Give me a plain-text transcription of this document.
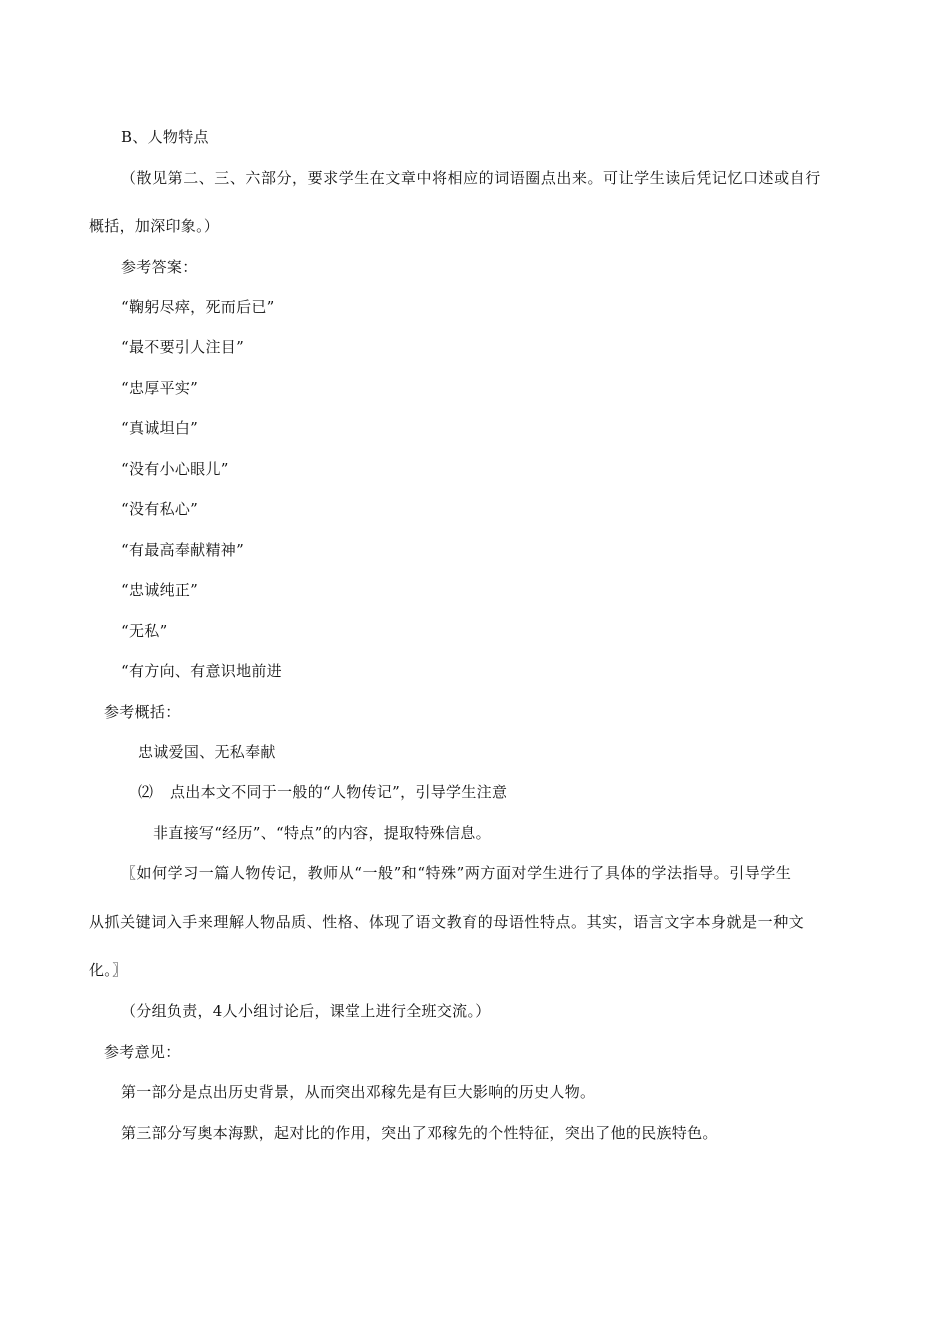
B、人物特点
（散见第二、三、六部分，要求学生在文章中将相应的词语圈点出来。可让学生读后凭记忆口述或自行
概括，加深印象。）
参考答案：
“鞠躬尽瘁，死而后已”
“最不要引人注目”
“忠厚平实”
“真诚坦白”
“没有小心眼儿”
“没有私心”
“有最高奉献精神”
“忠诚纯正”
“无私”
“有方向、有意识地前进
参考概括：
忠诚爱国、无私奉献
⑵ 点出本文不同于一般的“人物传记”，引导学生注意
非直接写“经历”、“特点”的内容，提取特殊信息。
〖如何学习一篇人物传记，教师从“一般”和“特殊”两方面对学生进行了具体的学法指导。引导学生
从抓关键词入手来理解人物品质、性格、体现了语文教育的母语性特点。其实，语言文字本身就是一种文
化。〗
（分组负责，4人小组讨论后，课堂上进行全班交流。）
参考意见：
第一部分是点出历史背景，从而突出邓稼先是有巨大影响的历史人物。
第三部分写奥本海默，起对比的作用，突出了邓稼先的个性特征，突出了他的民族特色。
